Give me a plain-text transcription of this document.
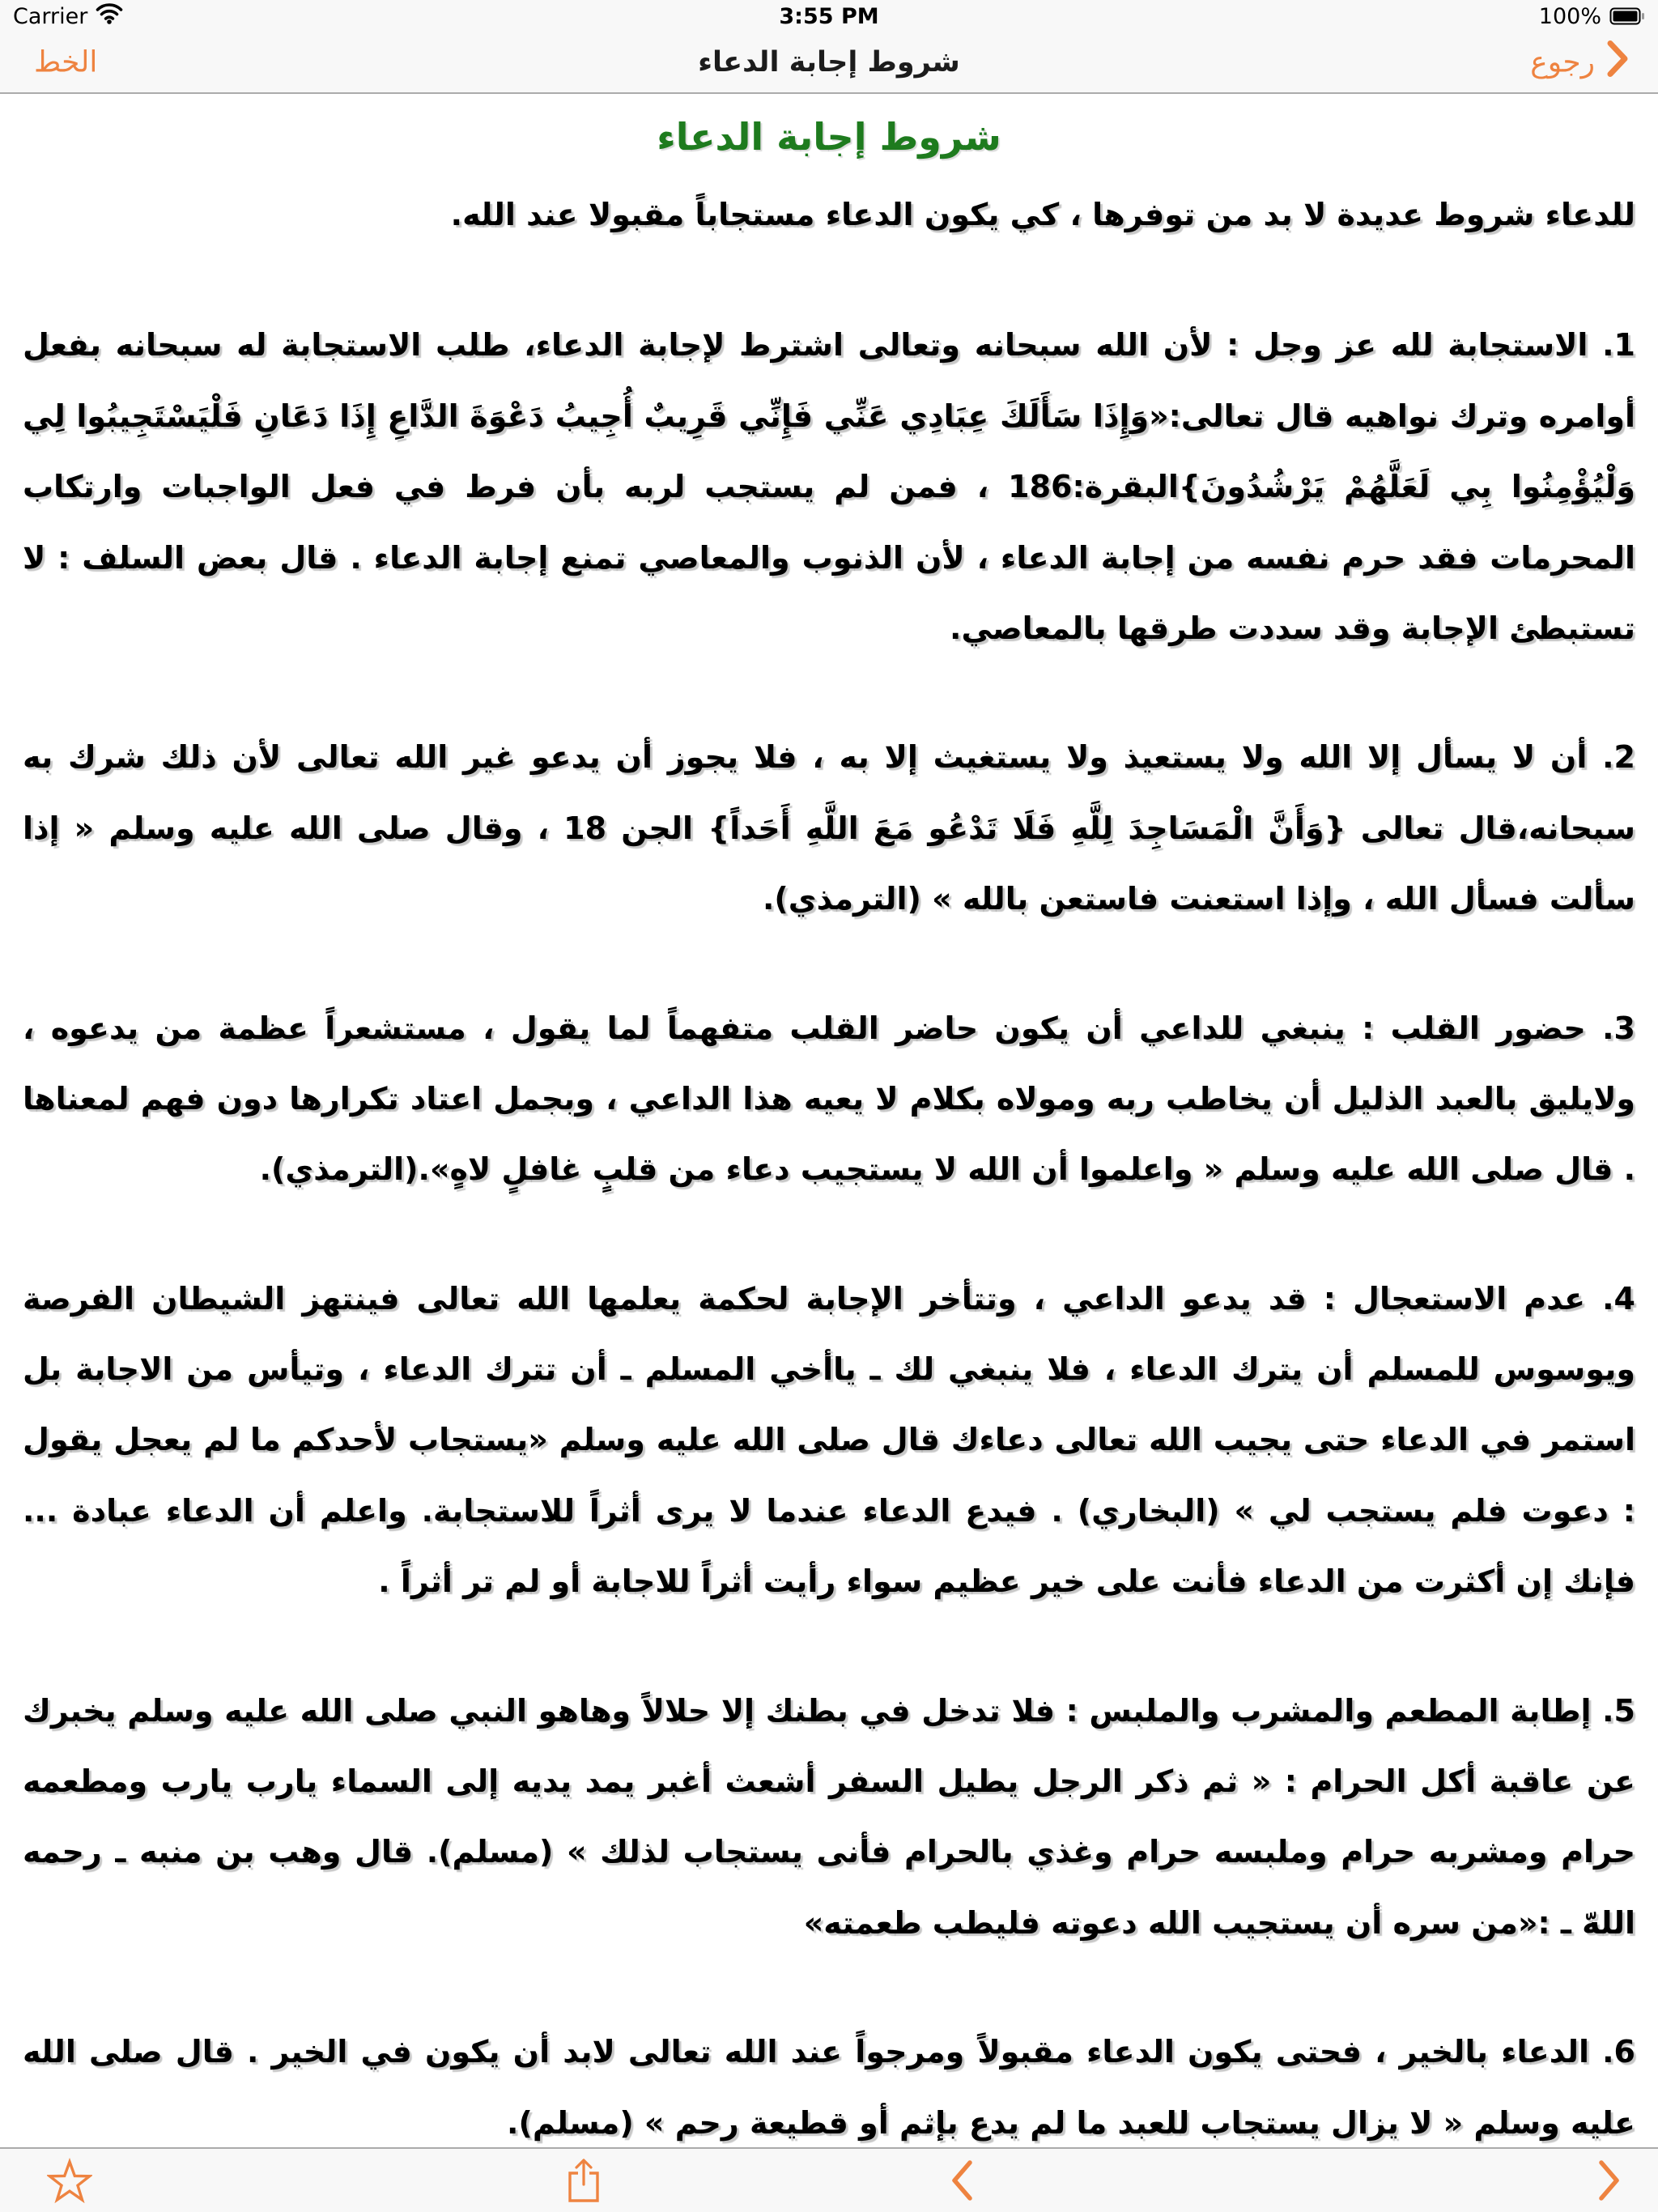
Carrier	3:55 PM	100%
الخط	شروط إجابة الدعاء	رجوع
شروط إجابة الدعاء

للدعاء شروط عديدة لا بد من توفرها ، كي يكون الدعاء مستجاباً مقبولا عند الله.

1. الاستجابة لله عز وجل : لأن الله سبحانه وتعالى اشترط لإجابة الدعاء، طلب الاستجابة له سبحانه بفعل أوامره وترك نواهيه قال تعالى:«وَإِذَا سَأَلَكَ عِبَادِي عَنِّي فَإِنِّي قَرِيبٌ أُجِيبُ دَعْوَةَ الدَّاعِ إِذَا دَعَانِ فَلْيَسْتَجِيبُوا لِي وَلْيُؤْمِنُوا بِي لَعَلَّهُمْ يَرْشُدُونَ}البقرة:186 ، فمن لم يستجب لربه بأن فرط في فعل الواجبات وارتكاب المحرمات فقد حرم نفسه من إجابة الدعاء ، لأن الذنوب والمعاصي تمنع إجابة الدعاء . قال بعض السلف : لا تستبطئ الإجابة وقد سددت طرقها بالمعاصي.

2. أن لا يسأل إلا الله ولا يستعيذ ولا يستغيث إلا به ، فلا يجوز أن يدعو غير الله تعالى لأن ذلك شرك به سبحانه،قال تعالى {وَأَنَّ الْمَسَاجِدَ لِلَّهِ فَلَا تَدْعُو مَعَ اللَّهِ أَحَداً} الجن 18 ، وقال صلى الله عليه وسلم « إذا سألت فسأل الله ، وإذا استعنت فاستعن بالله » (الترمذي).

3. حضور القلب : ينبغي للداعي أن يكون حاضر القلب متفهماً لما يقول ، مستشعراً عظمة من يدعوه ، ولايليق بالعبد الذليل أن يخاطب ربه ومولاه بكلام لا يعيه هذا الداعي ، وبجمل اعتاد تكرارها دون فهم لمعناها . قال صلى الله عليه وسلم « واعلموا أن الله لا يستجيب دعاء من قلبٍ غافلٍ لاهٍ».(الترمذي).

4. عدم الاستعجال : قد يدعو الداعي ، وتتأخر الإجابة لحكمة يعلمها الله تعالى فينتهز الشيطان الفرصة ويوسوس للمسلم أن يترك الدعاء ، فلا ينبغي لك ـ ياأخي المسلم ـ أن تترك الدعاء ، وتيأس من الاجابة بل استمر في الدعاء حتى يجيب الله تعالى دعاءك قال صلى الله عليه وسلم «يستجاب لأحدكم ما لم يعجل يقول : دعوت فلم يستجب لي » (البخاري) . فيدع الدعاء عندما لا يرى أثراً للاستجابة. واعلم أن الدعاء عبادة ... فإنك إن أكثرت من الدعاء فأنت على خير عظيم سواء رأيت أثراً للاجابة أو لم تر أثراً .

5. إطابة المطعم والمشرب والملبس : فلا تدخل في بطنك إلا حلالاً وهاهو النبي صلى الله عليه وسلم يخبرك عن عاقبة أكل الحرام : « ثم ذكر الرجل يطيل السفر أشعث أغبر يمد يديه إلى السماء يارب يارب ومطعمه حرام ومشربه حرام وملبسه حرام وغذي بالحرام فأنى يستجاب لذلك » (مسلم). قال وهب بن منبه ـ رحمه اللهّ ـ :«من سره أن يستجيب الله دعوته فليطب طعمته»

6. الدعاء بالخير ، فحتى يكون الدعاء مقبولاً ومرجواً عند الله تعالى لابد أن يكون في الخير . قال صلى الله عليه وسلم « لا يزال يستجاب للعبد ما لم يدع بإثم أو قطيعة رحم » (مسلم).
